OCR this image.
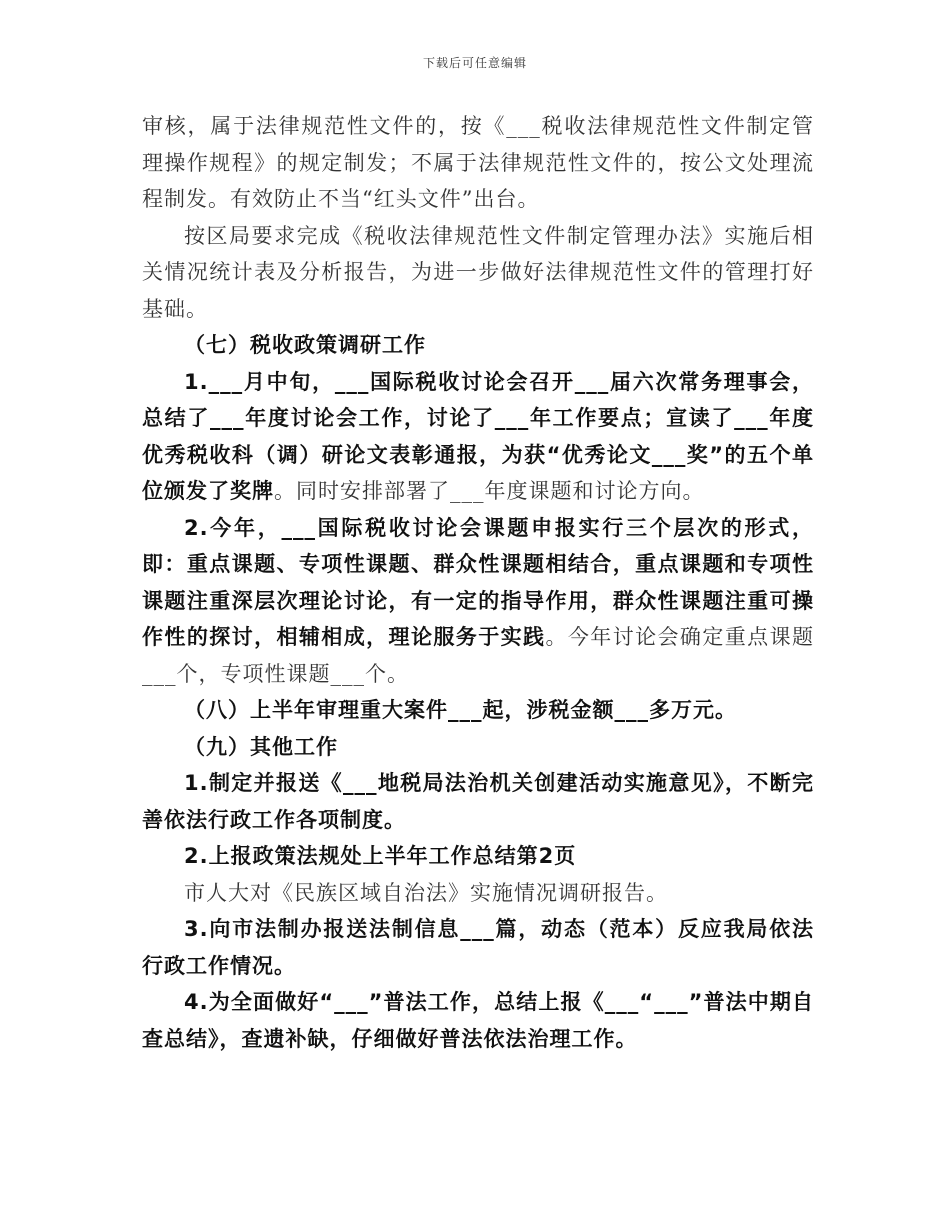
下载后可任意编辑

审核，属于法律规范性文件的，按《___税收法律规范性文件制定管理操作规程》的规定制发；不属于法律规范性文件的，按公文处理流程制发。有效防止不当“红头文件”出台。

按区局要求完成《税收法律规范性文件制定管理办法》实施后相关情况统计表及分析报告，为进一步做好法律规范性文件的管理打好基础。

（七）税收政策调研工作

1.___月中旬，___国际税收讨论会召开___届六次常务理事会，总结了___年度讨论会工作，讨论了___年工作要点；宣读了___年度优秀税收科（调）研论文表彰通报，为获“优秀论文___奖”的五个单位颁发了奖牌。同时安排部署了___年度课题和讨论方向。

2.今年，___国际税收讨论会课题申报实行三个层次的形式，即：重点课题、专项性课题、群众性课题相结合，重点课题和专项性课题注重深层次理论讨论，有一定的指导作用，群众性课题注重可操作性的探讨，相辅相成，理论服务于实践。今年讨论会确定重点课题___个，专项性课题___个。

（八）上半年审理重大案件___起，涉税金额___多万元。

（九）其他工作

1.制定并报送《___地税局法治机关创建活动实施意见》，不断完善依法行政工作各项制度。

2.上报政策法规处上半年工作总结第2页

市人大对《民族区域自治法》实施情况调研报告。

3.向市法制办报送法制信息___篇，动态（范本）反应我局依法行政工作情况。

4.为全面做好“___”普法工作，总结上报《___“___”普法中期自查总结》，查遗补缺，仔细做好普法依法治理工作。
